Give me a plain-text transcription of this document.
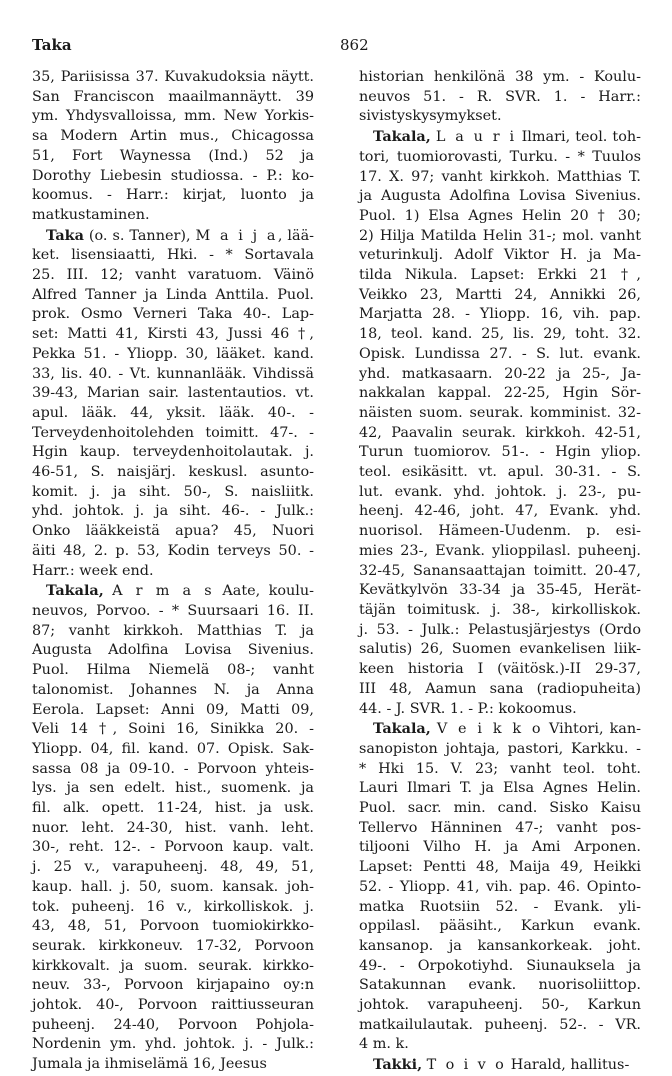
Taka	862
35, Pariisissa 37. Kuvakudoksia näytt.
San Franciscon maailmannäytt. 39
ym. Yhdysvalloissa, mm. New Yorkis-
sa Modern Artin mus., Chicagossa
51, Fort Waynessa (Ind.) 52 ja
Dorothy Liebesin studiossa. - P.: ko-
koomus. - Harr.: kirjat, luonto ja
matkustaminen.
Taka (o. s. Tanner), M a i j a, lää-
ket. lisensiaatti, Hki. - * Sortavala
25. III. 12; vanht varatuom. Väinö
Alfred Tanner ja Linda Anttila. Puol.
prok. Osmo Verneri Taka 40-. Lap-
set: Matti 41, Kirsti 43, Jussi 46 †,
Pekka 51. - Yliopp. 30, lääket. kand.
33, lis. 40. - Vt. kunnanlääk. Vihdissä
39-43, Marian sair. lastentautios. vt.
apul. lääk. 44, yksit. lääk. 40-. -
Terveydenhoitolehden toimitt. 47-. -
Hgin kaup. terveydenhoitolautak. j.
46-51, S. naisjärj. keskusl. asunto-
komit. j. ja siht. 50-, S. naisliitk.
yhd. johtok. j. ja siht. 46-. - Julk.:
Onko lääkkeistä apua? 45, Nuori
äiti 48, 2. p. 53, Kodin terveys 50. -
Harr.: week end.
Takala, A r m a s Aate, koulu-
neuvos, Porvoo. - * Suursaari 16. II.
87; vanht kirkkoh. Matthias T. ja
Augusta Adolfina Lovisa Sivenius.
Puol. Hilma Niemelä 08-; vanht
talonomist. Johannes N. ja Anna
Eerola. Lapset: Anni 09, Matti 09,
Veli 14 †, Soini 16, Sinikka 20. -
Yliopp. 04, fil. kand. 07. Opisk. Sak-
sassa 08 ja 09-10. - Porvoon yhteis-
lys. ja sen edelt. hist., suomenk. ja
fil. alk. opett. 11-24, hist. ja usk.
nuor. leht. 24-30, hist. vanh. leht.
30-, reht. 12-. - Porvoon kaup. valt.
j. 25 v., varapuheenj. 48, 49, 51,
kaup. hall. j. 50, suom. kansak. joh-
tok. puheenj. 16 v., kirkolliskok. j.
43, 48, 51, Porvoon tuomiokirkko-
seurak. kirkkoneuv. 17-32, Porvoon
kirkkovalt. ja suom. seurak. kirkko-
neuv. 33-, Porvoon kirjapaino oy:n
johtok. 40-, Porvoon raittiusseuran
puheenj. 24-40, Porvoon Pohjola-
Nordenin ym. yhd. johtok. j. - Julk.:
Jumala ja ihmiselämä 16, Jeesus
historian henkilönä 38 ym. - Koulu-
neuvos 51. - R. SVR. 1. - Harr.:
sivistyskysymykset.
Takala, L a u r i Ilmari, teol. toh-
tori, tuomiorovasti, Turku. - * Tuulos
17. X. 97; vanht kirkkoh. Matthias T.
ja Augusta Adolfina Lovisa Sivenius.
Puol. 1) Elsa Agnes Helin 20 † 30;
2) Hilja Matilda Helin 31-; mol. vanht
veturinkulj. Adolf Viktor H. ja Ma-
tilda Nikula. Lapset: Erkki 21 †,
Veikko 23, Martti 24, Annikki 26,
Marjatta 28. - Yliopp. 16, vih. pap.
18, teol. kand. 25, lis. 29, toht. 32.
Opisk. Lundissa 27. - S. lut. evank.
yhd. matkasaarn. 20-22 ja 25-, Ja-
nakkalan kappal. 22-25, Hgin Sör-
näisten suom. seurak. komminist. 32-
42, Paavalin seurak. kirkkoh. 42-51,
Turun tuomiorov. 51-. - Hgin yliop.
teol. esikäsitt. vt. apul. 30-31. - S.
lut. evank. yhd. johtok. j. 23-, pu-
heenj. 42-46, joht. 47, Evank. yhd.
nuorisol. Hämeen-Uudenm. p. esi-
mies 23-, Evank. ylioppilasl. puheenj.
32-45, Sanansaattajan toimitt. 20-47,
Kevätkylvön 33-34 ja 35-45, Herät-
täjän toimitusk. j. 38-, kirkolliskok.
j. 53. - Julk.: Pelastusjärjestys (Ordo
salutis) 26, Suomen evankelisen liik-
keen historia I (väitösk.)-II 29-37,
III 48, Aamun sana (radiopuheita)
44. - J. SVR. 1. - P.: kokoomus.
Takala, V e i k k o Vihtori, kan-
sanopiston johtaja, pastori, Karkku. -
* Hki 15. V. 23; vanht teol. toht.
Lauri Ilmari T. ja Elsa Agnes Helin.
Puol. sacr. min. cand. Sisko Kaisu
Tellervo Hänninen 47-; vanht pos-
tiljooni Vilho H. ja Ami Arponen.
Lapset: Pentti 48, Maija 49, Heikki
52. - Yliopp. 41, vih. pap. 46. Opinto-
matka Ruotsiin 52. - Evank. yli-
oppilasl. pääsiht., Karkun evank.
kansanop. ja kansankorkeak. joht.
49-. - Orpokotiyhd. Siunauksela ja
Satakunnan evank. nuorisoliittop.
johtok. varapuheenj. 50-, Karkun
matkailulautak. puheenj. 52-. - VR.
4 m. k.
Takki, T o i v o Harald, hallitus-
